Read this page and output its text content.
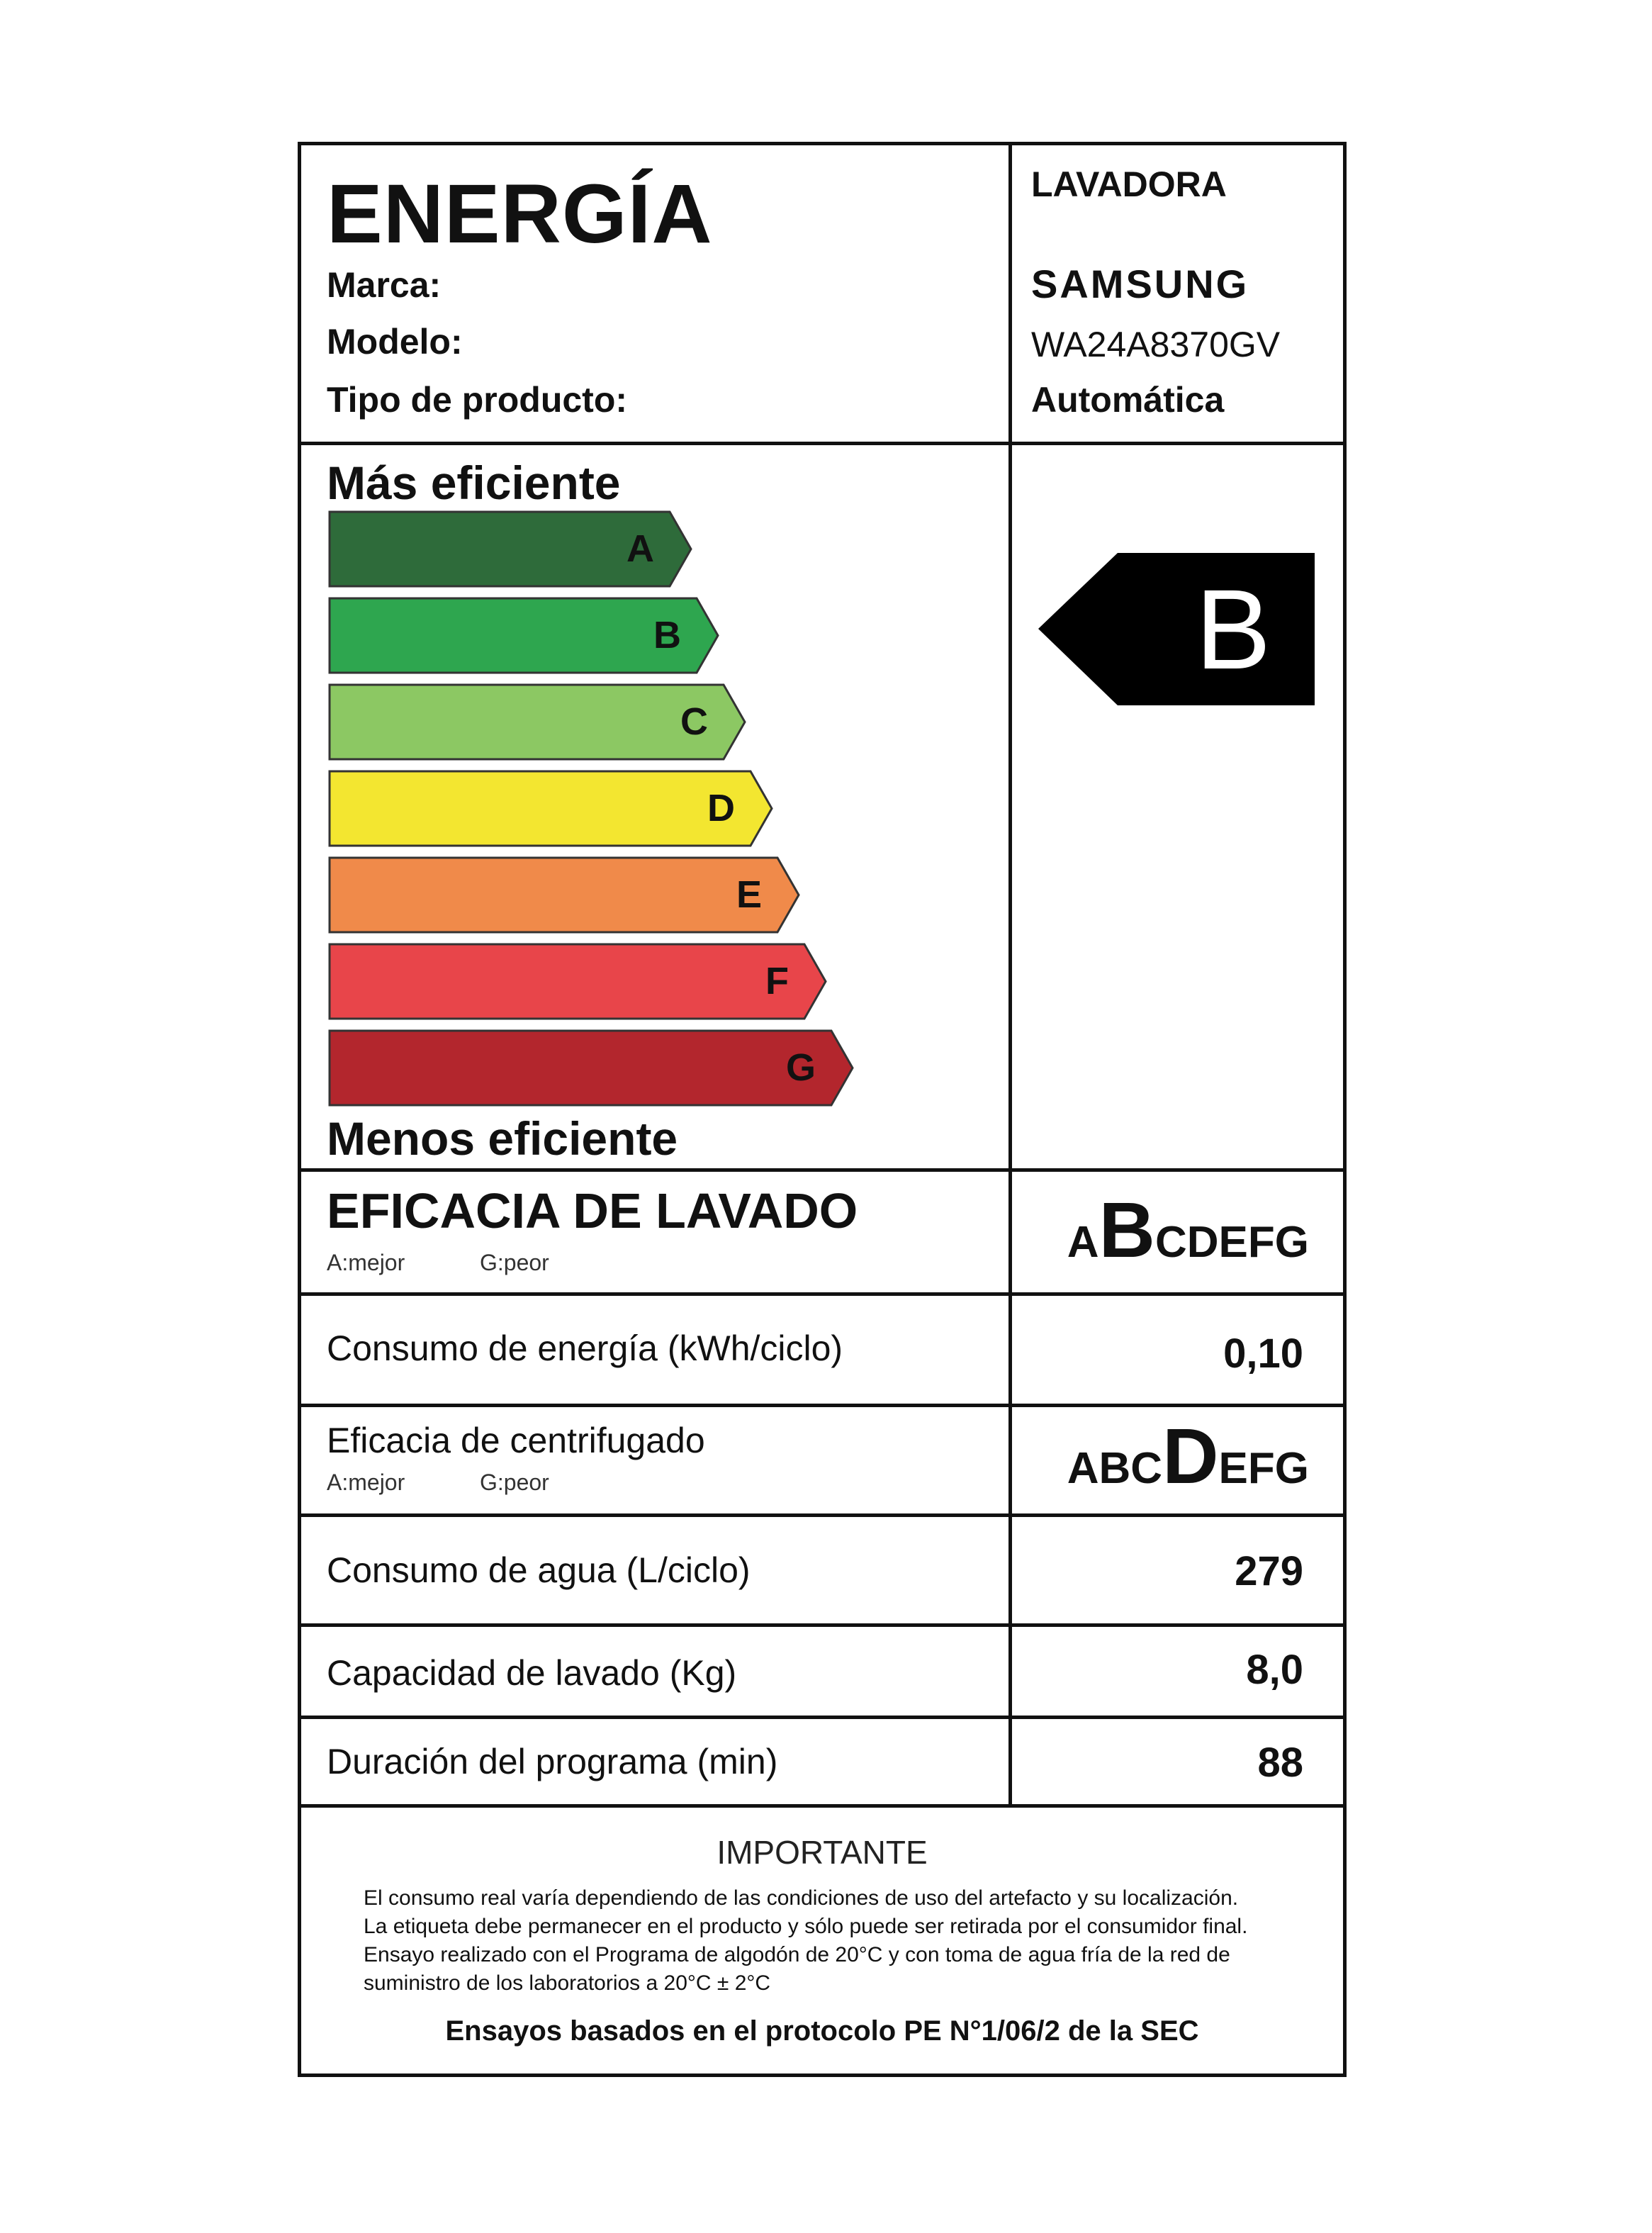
ENERGÍA	LAVADORA
Marca:	SAMSUNG
Modelo:	WA24A8370GV
Tipo de producto:	Automática
Más eficiente
A
B
C
D
E
F
G
Menos eficiente
B
EFICACIA DE LAVADO
A:mejor	G:peor	A B C D E F G
Consumo de energía (kWh/ciclo)	0,10
Eficacia de centrifugado
A:mejor	G:peor	A B C D E F G
Consumo de agua (L/ciclo)	279
Capacidad de lavado (Kg)	8,0
Duración del programa (min)	88
IMPORTANTE
El consumo real varía dependiendo de las condiciones de uso del artefacto y su localización.
La etiqueta debe permanecer en el producto y sólo puede ser retirada por el consumidor final.
Ensayo realizado con el Programa de algodón de 20°C y con toma de agua fría de la red de
suministro de los laboratorios a 20°C ± 2°C
Ensayos basados en el protocolo PE N°1/06/2 de la SEC
